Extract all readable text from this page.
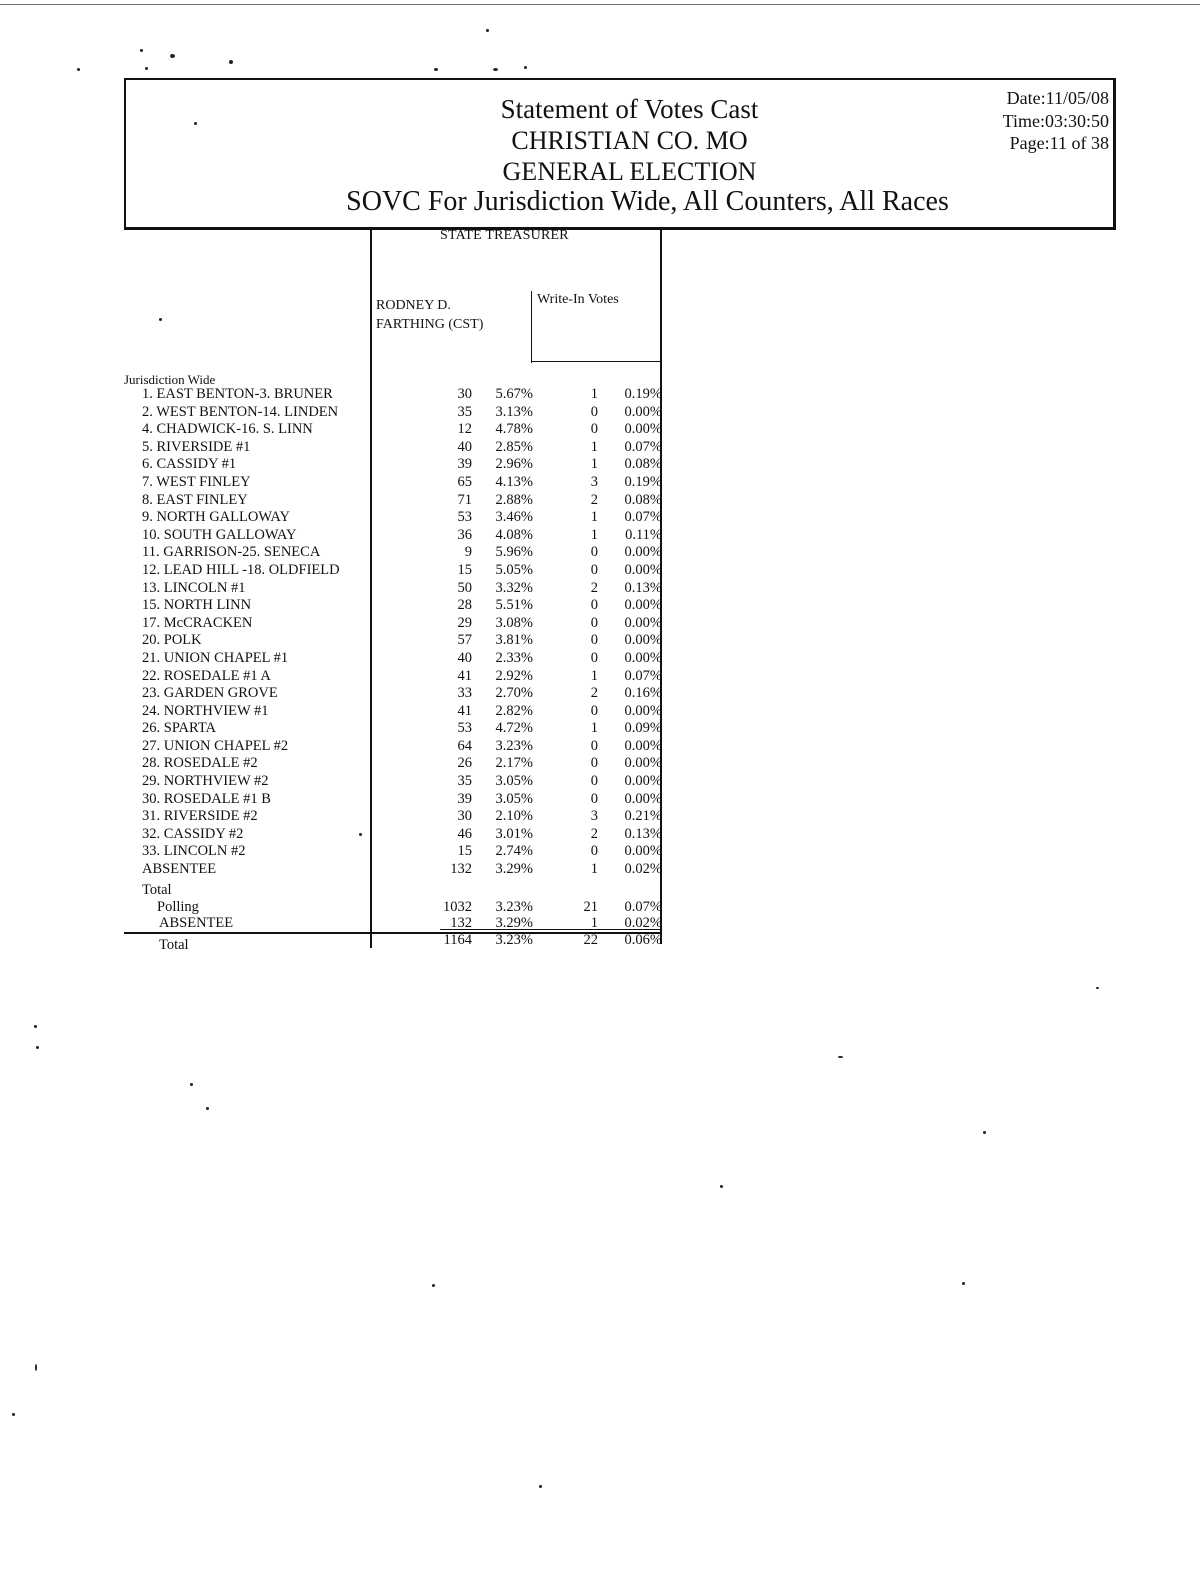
Statement of Votes Cast
CHRISTIAN CO. MO
GENERAL ELECTION
SOVC For Jurisdiction Wide, All Counters, All Races
Date:11/05/08
Time:03:30:50
Page:11 of 38
STATE TREASURER
RODNEY D.
FARTHING (CST)
Write-In Votes
Jurisdiction Wide
1. EAST BENTON-3. BRUNER	30	5.67%	1	0.19%
2. WEST BENTON-14. LINDEN	35	3.13%	0	0.00%
4. CHADWICK-16. S. LINN	12	4.78%	0	0.00%
5. RIVERSIDE #1	40	2.85%	1	0.07%
6. CASSIDY #1	39	2.96%	1	0.08%
7. WEST FINLEY	65	4.13%	3	0.19%
8. EAST FINLEY	71	2.88%	2	0.08%
9. NORTH GALLOWAY	53	3.46%	1	0.07%
10. SOUTH GALLOWAY	36	4.08%	1	0.11%
11. GARRISON-25. SENECA	9	5.96%	0	0.00%
12. LEAD HILL -18. OLDFIELD	15	5.05%	0	0.00%
13. LINCOLN #1	50	3.32%	2	0.13%
15. NORTH LINN	28	5.51%	0	0.00%
17. McCRACKEN	29	3.08%	0	0.00%
20. POLK	57	3.81%	0	0.00%
21. UNION CHAPEL #1	40	2.33%	0	0.00%
22. ROSEDALE #1 A	41	2.92%	1	0.07%
23. GARDEN GROVE	33	2.70%	2	0.16%
24. NORTHVIEW #1	41	2.82%	0	0.00%
26. SPARTA	53	4.72%	1	0.09%
27. UNION CHAPEL #2	64	3.23%	0	0.00%
28. ROSEDALE #2	26	2.17%	0	0.00%
29. NORTHVIEW #2	35	3.05%	0	0.00%
30. ROSEDALE #1 B	39	3.05%	0	0.00%
31. RIVERSIDE #2	30	2.10%	3	0.21%
32. CASSIDY #2	46	3.01%	2	0.13%
33. LINCOLN #2	15	2.74%	0	0.00%
ABSENTEE	132	3.29%	1	0.02%
Total
Polling	1032	3.23%	21	0.07%
ABSENTEE	132	3.29%	1	0.02%
Total	1164	3.23%	22	0.06%
